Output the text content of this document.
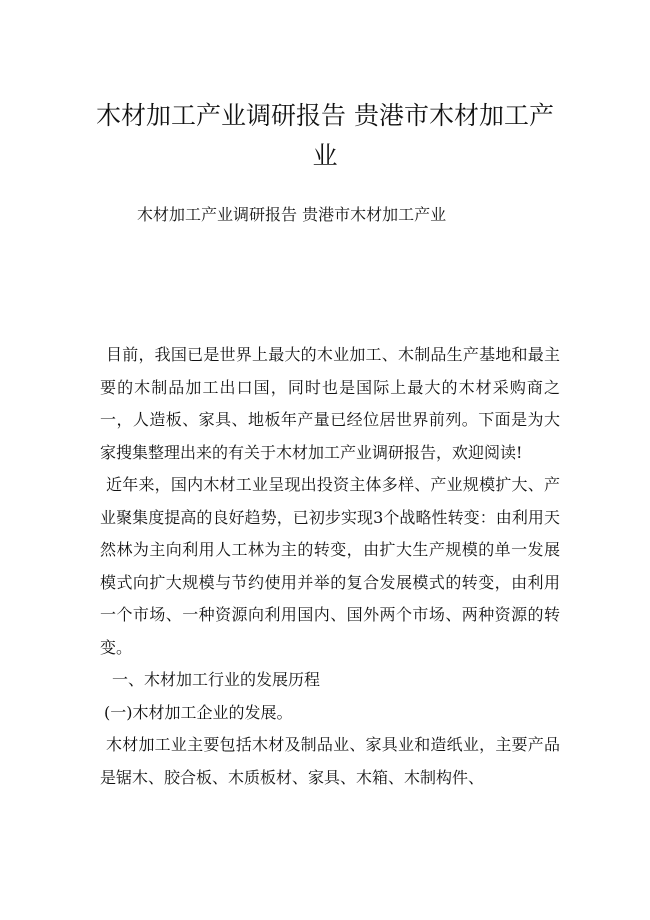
木材加工产业调研报告 贵港市木材加工产业

木材加工产业调研报告 贵港市木材加工产业

目前，我国已是世界上最大的木业加工、木制品生产基地和最主要的木制品加工出口国，同时也是国际上最大的木材采购商之一，人造板、家具、地板年产量已经位居世界前列。下面是为大家搜集整理出来的有关于木材加工产业调研报告，欢迎阅读!

近年来，国内木材工业呈现出投资主体多样、产业规模扩大、产业聚集度提高的良好趋势，已初步实现3个战略性转变：由利用天然林为主向利用人工林为主的转变，由扩大生产规模的单一发展模式向扩大规模与节约使用并举的复合发展模式的转变，由利用一个市场、一种资源向利用国内、国外两个市场、两种资源的转变。

一、木材加工行业的发展历程

(一)木材加工企业的发展。

木材加工业主要包括木材及制品业、家具业和造纸业，主要产品是锯木、胶合板、木质板材、家具、木箱、木制构件、
